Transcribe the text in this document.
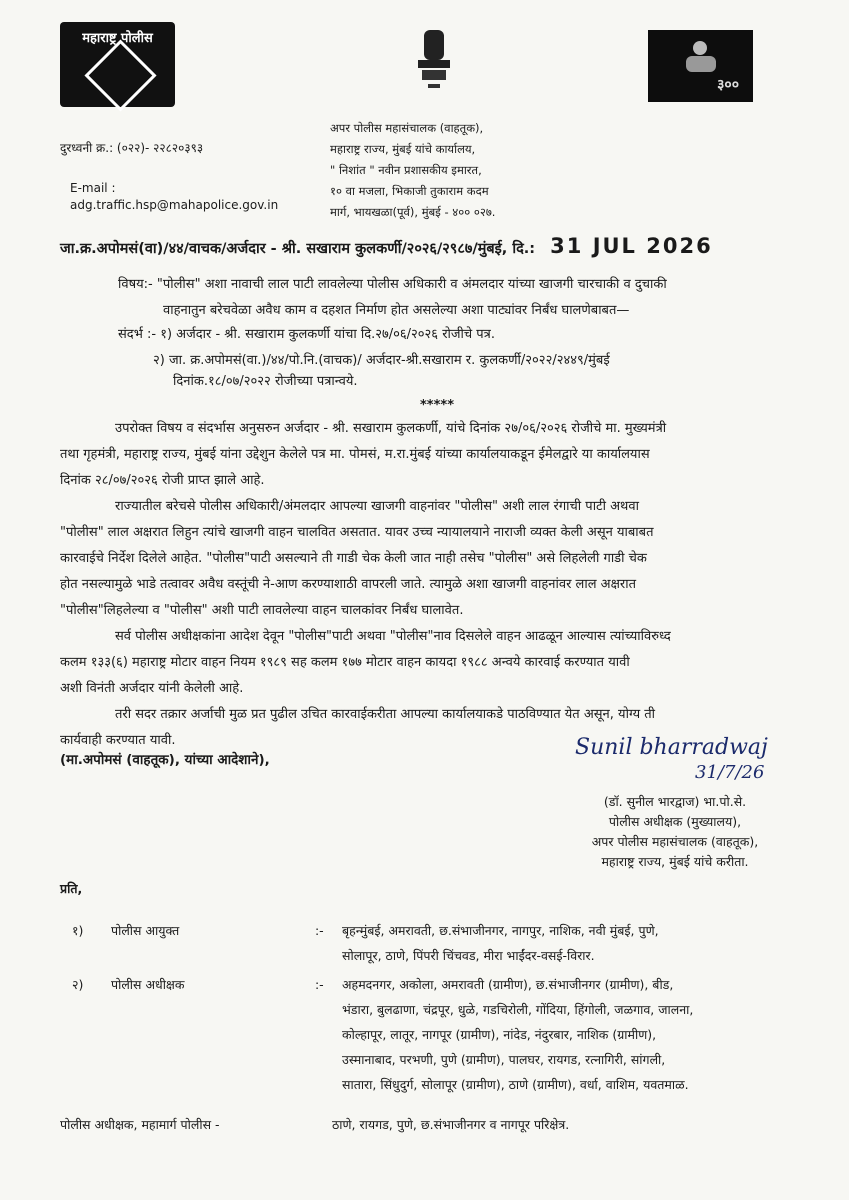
महाराष्ट्र पोलीस
३००
दुरध्वनी क्र.: (०२२)- २२८२०३९३
E-mail :
adg.traffic.hsp@mahapolice.gov.in
अपर पोलीस महासंचालक (वाहतूक),
महाराष्ट्र राज्य, मुंबई यांचे कार्यालय,
" निशांत " नवीन प्रशासकीय इमारत,
१० वा मजला, भिकाजी तुकाराम कदम
मार्ग, भायखळा(पूर्व), मुंबई - ४०० ०२७.
जा.क्र.अपोमसं(वा)/४४/वाचक/अर्जदार - श्री. सखाराम कुलकर्णी/२०२६/२९८७/मुंबई, दि.: 31 JUL 2026
विषय:- "पोलीस" अशा नावाची लाल पाटी लावलेल्या पोलीस अधिकारी व अंमलदार यांच्या खाजगी चारचाकी व दुचाकी
वाहनातुन बरेचवेळा अवैध काम व दहशत निर्माण होत असलेल्या अशा पाट्यांवर निर्बंध घालणेबाबत—
संदर्भ :- १) अर्जदार - श्री. सखाराम कुलकर्णी यांचा दि.२७/०६/२०२६ रोजीचे पत्र.
२) जा. क्र.अपोमसं(वा.)/४४/पो.नि.(वाचक)/ अर्जदार-श्री.सखाराम र. कुलकर्णी/२०२२/२४४९/मुंबई
दिनांक.१८/०७/२०२२ रोजीच्या पत्रान्वये.
*****
उपरोक्त विषय व संदर्भास अनुसरुन अर्जदार - श्री. सखाराम कुलकर्णी, यांचे दिनांक २७/०६/२०२६ रोजीचे मा. मुख्यमंत्री
तथा गृहमंत्री, महाराष्ट्र राज्य, मुंबई यांना उद्देशुन केलेले पत्र मा. पोमसं, म.रा.मुंबई यांच्या कार्यालयाकडून ईमेलद्वारे या कार्यालयास
दिनांक २८/०७/२०२६ रोजी प्राप्त झाले आहे.
राज्यातील बरेचसे पोलीस अधिकारी/अंमलदार आपल्या खाजगी वाहनांवर "पोलीस" अशी लाल रंगाची पाटी अथवा
"पोलीस" लाल अक्षरात लिहुन त्यांचे खाजगी वाहन चालवित असतात. यावर उच्च न्यायालयाने नाराजी व्यक्त केली असून याबाबत
कारवाईचे निर्देश दिलेले आहेत. "पोलीस"पाटी असल्याने ती गाडी चेक केली जात नाही तसेच "पोलीस" असे लिहलेली गाडी चेक
होत नसल्यामुळे भाडे तत्वावर अवैध वस्तूंची ने-आण करण्याशाठी वापरली जाते. त्यामुळे अशा खाजगी वाहनांवर लाल अक्षरात
"पोलीस"लिहलेल्या व "पोलीस" अशी पाटी लावलेल्या वाहन चालकांवर निर्बंध घालावेत.
सर्व पोलीस अधीक्षकांना आदेश देवून "पोलीस"पाटी अथवा "पोलीस"नाव दिसलेले वाहन आढळून आल्यास त्यांच्याविरुध्द
कलम १३३(६) महाराष्ट्र मोटार वाहन नियम १९८९ सह कलम १७७ मोटार वाहन कायदा १९८८ अन्वये कारवाई करण्यात यावी
अशी विनंती अर्जदार यांनी केलेली आहे.
तरी सदर तक्रार अर्जाची मुळ प्रत पुढील उचित कारवाईकरीता आपल्या कार्यालयाकडे पाठविण्यात येत असून, योग्य ती
कार्यवाही करण्यात यावी.
(मा.अपोमसं (वाहतूक), यांच्या आदेशाने),	Sunil bharradwaj
31/7/26
(डॉ. सुनील भारद्वाज) भा.पो.से.
पोलीस अधीक्षक (मुख्यालय),
अपर पोलीस महासंचालक (वाहतूक),
महाराष्ट्र राज्य, मुंबई यांचे करीता.
प्रति,
१) पोलीस आयुक्त	:-	बृहन्मुंबई, अमरावती, छ.संभाजीनगर, नागपुर, नाशिक, नवी मुंबई, पुणे,
सोलापूर, ठाणे, पिंपरी चिंचवड, मीरा भाईंदर-वसई-विरार.
२) पोलीस अधीक्षक	:-	अहमदनगर, अकोला, अमरावती (ग्रामीण), छ.संभाजीनगर (ग्रामीण), बीड,
भंडारा, बुलढाणा, चंद्रपूर, धुळे, गडचिरोली, गोंदिया, हिंगोली, जळगाव, जालना,
कोल्हापूर, लातूर, नागपूर (ग्रामीण), नांदेड, नंदुरबार, नाशिक (ग्रामीण),
उस्मानाबाद, परभणी, पुणे (ग्रामीण), पालघर, रायगड, रत्नागिरी, सांगली,
सातारा, सिंधुदुर्ग, सोलापूर (ग्रामीण), ठाणे (ग्रामीण), वर्धा, वाशिम, यवतमाळ.
पोलीस अधीक्षक, महामार्ग पोलीस -	ठाणे, रायगड, पुणे, छ.संभाजीनगर व नागपूर परिक्षेत्र.
